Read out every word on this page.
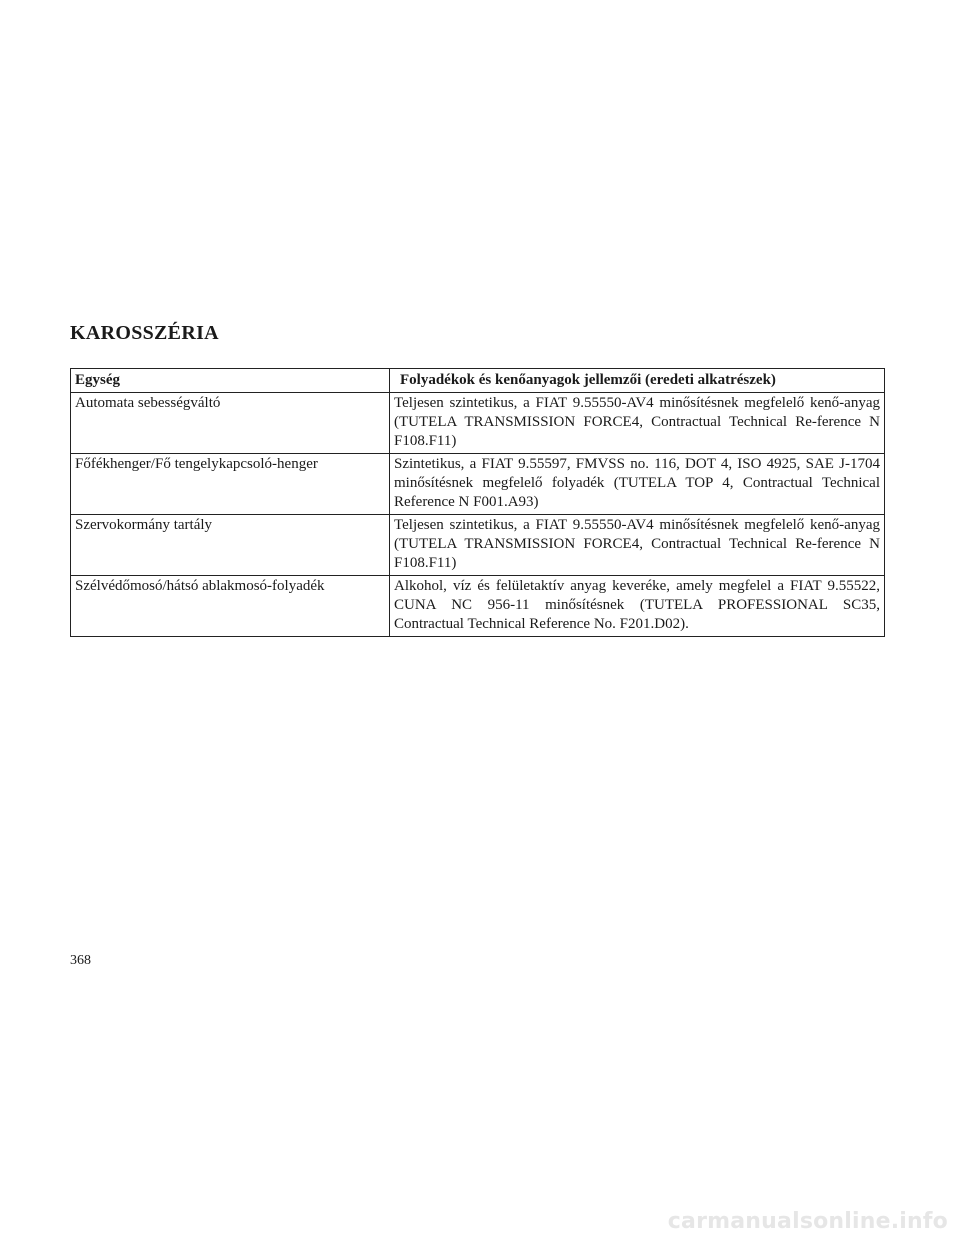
KAROSSZÉRIA
Egység	Folyadékok és kenőanyagok jellemzői (eredeti alkatrészek)
Automata sebességváltó	Teljesen szintetikus, a FIAT 9.55550-AV4 minősítésnek megfelelő kenő-anyag (TUTELA TRANSMISSION FORCE4, Contractual Technical Re-ference N F108.F11)
Főfékhenger/Fő tengelykapcsoló-henger	Szintetikus, a FIAT 9.55597, FMVSS no. 116, DOT 4, ISO 4925, SAE J-1704 minősítésnek megfelelő folyadék (TUTELA TOP 4, Contractual Technical Reference N F001.A93)
Szervokormány tartály	Teljesen szintetikus, a FIAT 9.55550-AV4 minősítésnek megfelelő kenő-anyag (TUTELA TRANSMISSION FORCE4, Contractual Technical Re-ference N F108.F11)
Szélvédőmosó/hátsó ablakmosó-folyadék	Alkohol, víz és felületaktív anyag keveréke, amely megfelel a FIAT 9.55522, CUNA NC 956-11 minősítésnek (TUTELA PROFESSIONAL SC35, Contractual Technical Reference No. F201.D02).
368
carmanualsonline.info
